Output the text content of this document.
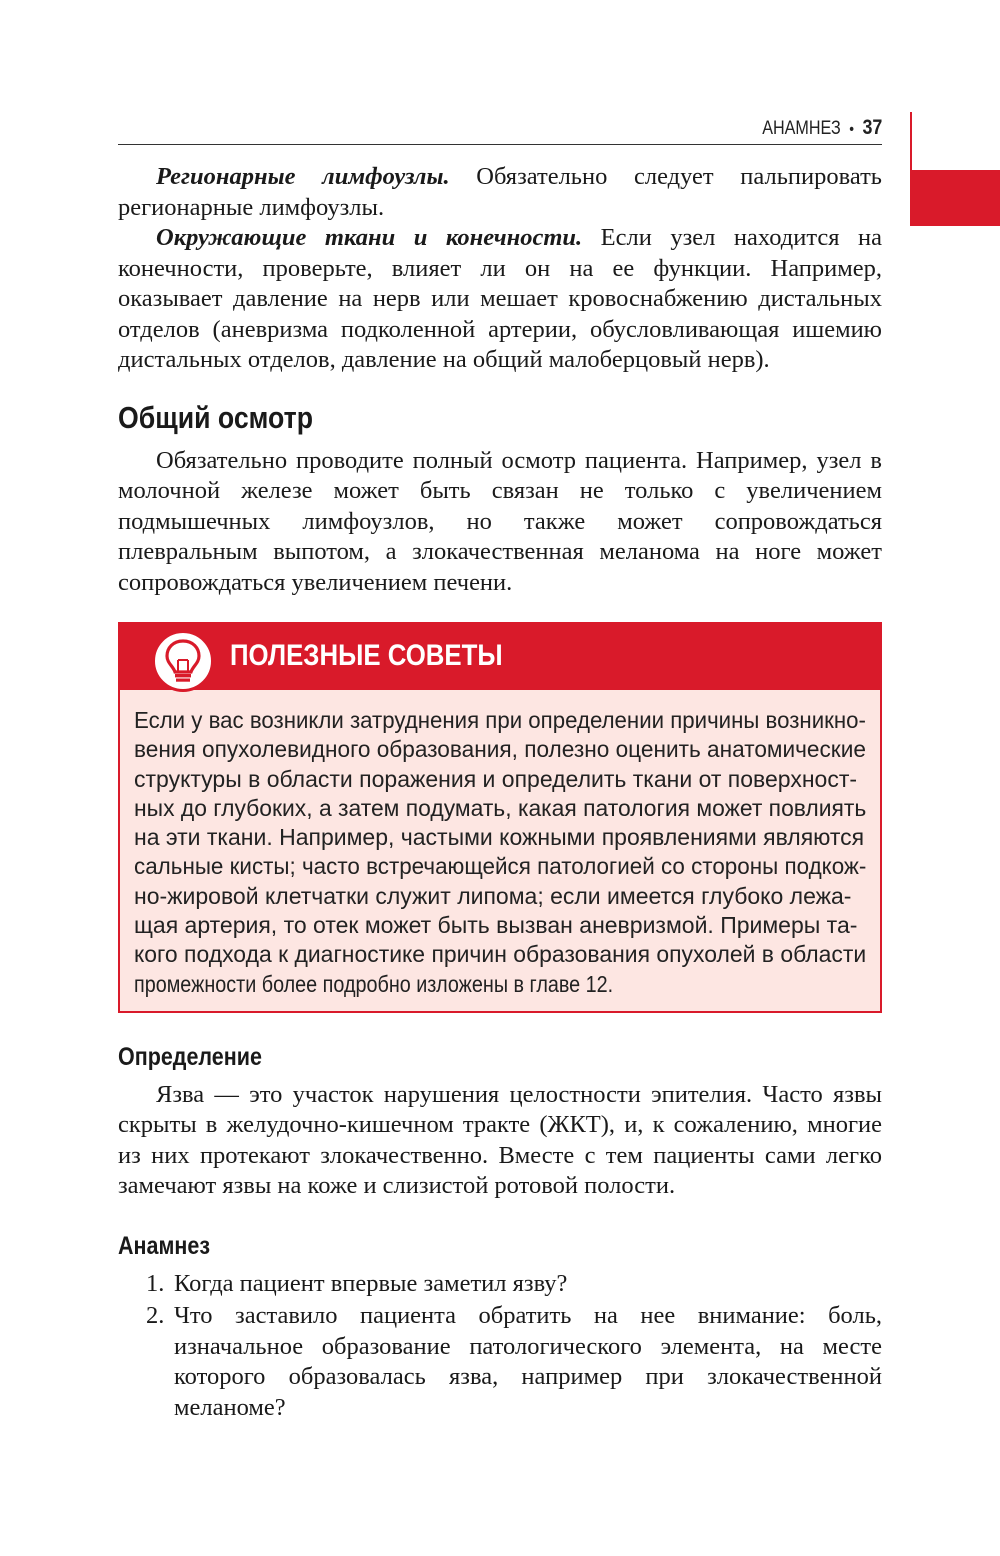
АНАМНЕЗ • 37

Регионарные лимфоузлы. Обязательно следует пальпировать регионарные лимфоузлы.

Окружающие ткани и конечности. Если узел находится на конечности, проверьте, влияет ли он на ее функции. Например, оказывает давление на нерв или мешает кровоснабжению дистальных отделов (аневризма подколенной артерии, обусловливающая ишемию дистальных отделов, давление на общий малоберцовый нерв).

Общий осмотр

Обязательно проводите полный осмотр пациента. Например, узел в молочной железе может быть связан не только с увеличением подмышечных лимфоузлов, но также может сопровождаться плевральным выпотом, а злокачественная меланома на ноге может сопровождаться увеличением печени.

ПОЛЕЗНЫЕ СОВЕТЫ
Если у вас возникли затруднения при определении причины возникно-
вения опухолевидного образования, полезно оценить анатомические
структуры в области поражения и определить ткани от поверхност-
ных до глубоких, а затем подумать, какая патология может повлиять
на эти ткани. Например, частыми кожными проявлениями являются
сальные кисты; часто встречающейся патологией со стороны подкож-
но-жировой клетчатки служит липома; если имеется глубоко лежа-
щая артерия, то отек может быть вызван аневризмой. Примеры та-
кого подхода к диагностике причин образования опухолей в области
промежности более подробно изложены в главе 12.
Определение

Язва — это участок нарушения целостности эпителия. Часто язвы скрыты в желудочно-кишечном тракте (ЖКТ), и, к сожалению, многие из них протекают злокачественно. Вместе с тем пациенты сами легко замечают язвы на коже и слизистой ротовой полости.

Анамнез
1. Когда пациент впервые заметил язву?
2. Что заставило пациента обратить на нее внимание: боль, изначальное образование патологического элемента, на месте которого образовалась язва, например при злокачественной меланоме?
